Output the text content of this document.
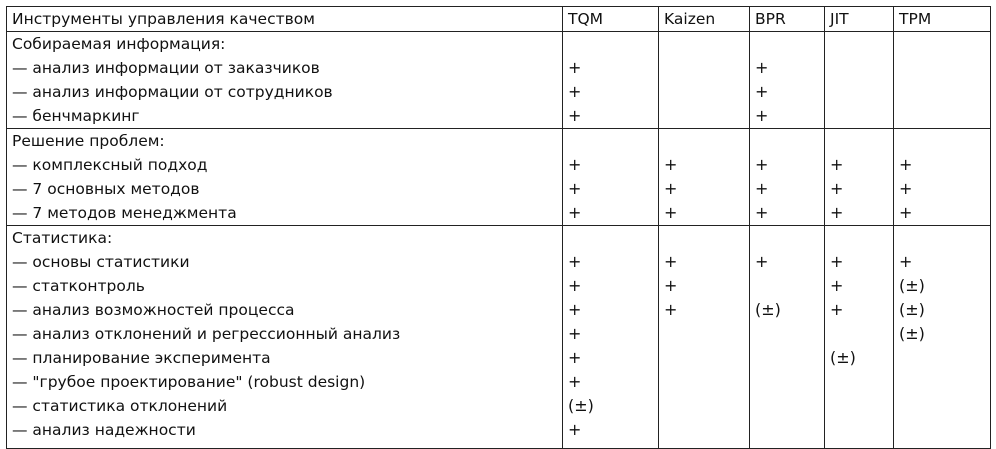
Инструменты управления качеством	TQM	Kaizen	BPR	JIT	TPM
Собираемая информация:					
— анализ информации от заказчиков	+		+		
— анализ информации от сотрудников	+		+		
— бенчмаркинг	+		+		
Решение проблем:					
— комплексный подход	+	+	+	+	+
— 7 основных методов	+	+	+	+	+
— 7 методов менеджмента	+	+	+	+	+
Статистика:					
— основы статистики	+	+	+	+	+
— статконтроль	+	+		+	(±)
— анализ возможностей процесса	+	+	(±)	+	(±)
— анализ отклонений и регрессионный анализ	+				(±)
— планирование эксперимента	+			(±)	
— "грубое проектирование" (robust design)	+				
— статистика отклонений	(±)				
— анализ надежности	+				
